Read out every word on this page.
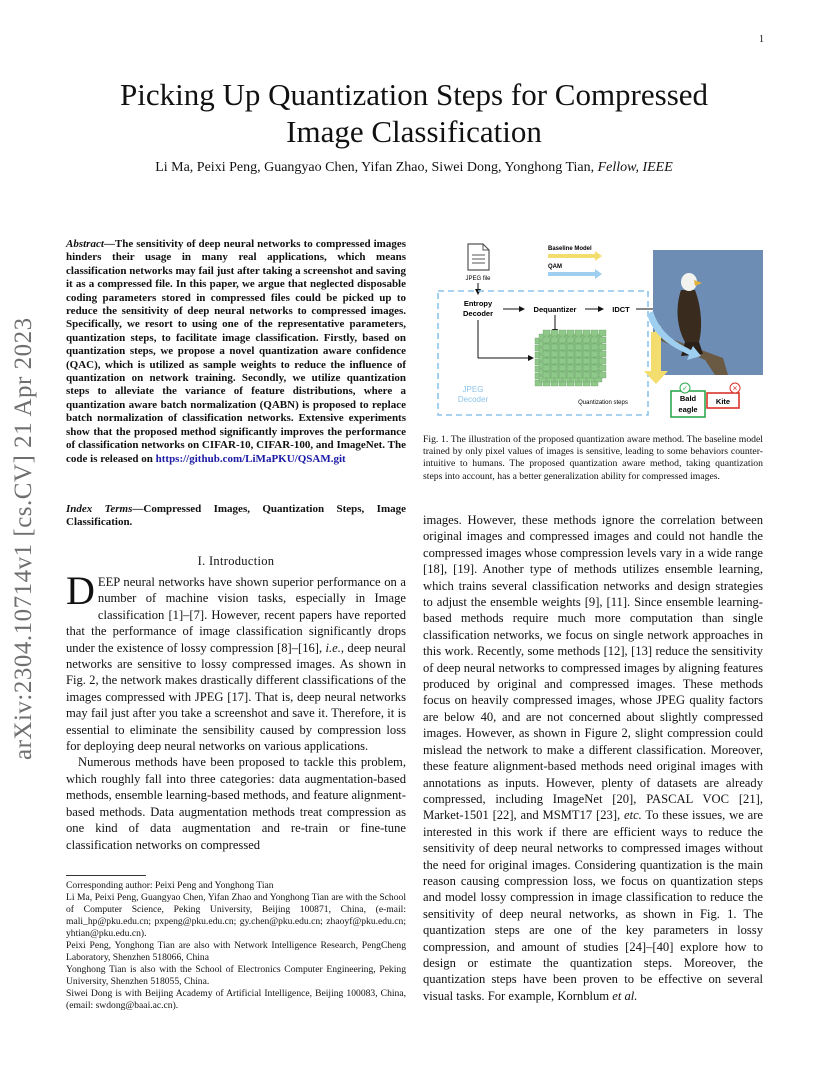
1
arXiv:2304.10714v1 [cs.CV] 21 Apr 2023
Picking Up Quantization Steps for Compressed
Image Classification
Li Ma, Peixi Peng, Guangyao Chen, Yifan Zhao, Siwei Dong, Yonghong Tian, Fellow, IEEE
Abstract—The sensitivity of deep neural networks to compressed images hinders their usage in many real applications, which means classification networks may fail just after taking a screenshot and saving it as a compressed file. In this paper, we argue that neglected disposable coding parameters stored in compressed files could be picked up to reduce the sensitivity of deep neural networks to compressed images. Specifically, we resort to using one of the representative parameters, quantization steps, to facilitate image classification. Firstly, based on quantization steps, we propose a novel quantization aware confidence (QAC), which is utilized as sample weights to reduce the influence of quantization on network training. Secondly, we utilize quantization steps to alleviate the variance of feature distributions, where a quantization aware batch normalization (QABN) is proposed to replace batch normalization of classification networks. Extensive experiments show that the proposed method significantly improves the performance of classification networks on CIFAR-10, CIFAR-100, and ImageNet. The code is released on https://github.com/LiMaPKU/QSAM.git
Index Terms—Compressed Images, Quantization Steps, Image Classification.
I. Introduction

DEEP neural networks have shown superior performance on a number of machine vision tasks, especially in Image classification [1]–[7]. However, recent papers have reported that the performance of image classification significantly drops under the existence of lossy compression [8]–[16], i.e., deep neural networks are sensitive to lossy compressed images. As shown in Fig. 2, the network makes drastically different classifications of the images compressed with JPEG [17]. That is, deep neural networks may fail just after you take a screenshot and save it. Therefore, it is essential to eliminate the sensibility caused by compression loss for deploying deep neural networks on various applications.

Numerous methods have been proposed to tackle this problem, which roughly fall into three categories: data augmentation-based methods, ensemble learning-based methods, and feature alignment-based methods. Data augmentation methods treat compression as one kind of data augmentation and re-train or fine-tune classification networks on compressed

Corresponding author: Peixi Peng and Yonghong Tian

Li Ma, Peixi Peng, Guangyao Chen, Yifan Zhao and Yonghong Tian are with the School of Computer Science, Peking University, Beijing 100871, China, (e-mail: mali_hp@pku.edu.cn; pxpeng@pku.edu.cn; gy.chen@pku.edu.cn; zhaoyf@pku.edu.cn; yhtian@pku.edu.cn).

Peixi Peng, Yonghong Tian are also with Network Intelligence Research, PengCheng Laboratory, Shenzhen 518066, China

Yonghong Tian is also with the School of Electronics Computer Engineering, Peking University, Shenzhen 518055, China.

Siwei Dong is with Beijing Academy of Artificial Intelligence, Beijing 100083, China, (email: swdong@baai.ac.cn).

JPEG file
Baseline Model
QAM
Entropy
Decoder	Dequantizer	IDCT
Quantization steps
JPEG
Decoder	Bald
eagle
✓
Kite
✕
Fig. 1. The illustration of the proposed quantization aware method. The baseline model trained by only pixel values of images is sensitive, leading to some behaviors counter-intuitive to humans. The proposed quantization aware method, taking quantization steps into account, has a better generalization ability for compressed images.

images. However, these methods ignore the correlation between original images and compressed images and could not handle the compressed images whose compression levels vary in a wide range [18], [19]. Another type of methods utilizes ensemble learning, which trains several classification networks and design strategies to adjust the ensemble weights [9], [11]. Since ensemble learning-based methods require much more computation than single classification networks, we focus on single network approaches in this work. Recently, some methods [12], [13] reduce the sensitivity of deep neural networks to compressed images by aligning features produced by original and compressed images. These methods focus on heavily compressed images, whose JPEG quality factors are below 40, and are not concerned about slightly compressed images. However, as shown in Figure 2, slight compression could mislead the network to make a different classification. Moreover, these feature alignment-based methods need original images with annotations as inputs. However, plenty of datasets are already compressed, including ImageNet [20], PASCAL VOC [21], Market-1501 [22], and MSMT17 [23], etc. To these issues, we are interested in this work if there are efficient ways to reduce the sensitivity of deep neural networks to compressed images without the need for original images. Considering quantization is the main reason causing compression loss, we focus on quantization steps and model lossy compression in image classification to reduce the sensitivity of deep neural networks, as shown in Fig. 1. The quantization steps are one of the key parameters in lossy compression, and amount of studies [24]–[40] explore how to design or estimate the quantization steps. Moreover, the quantization steps have been proven to be effective on several visual tasks. For example, Kornblum et al.
